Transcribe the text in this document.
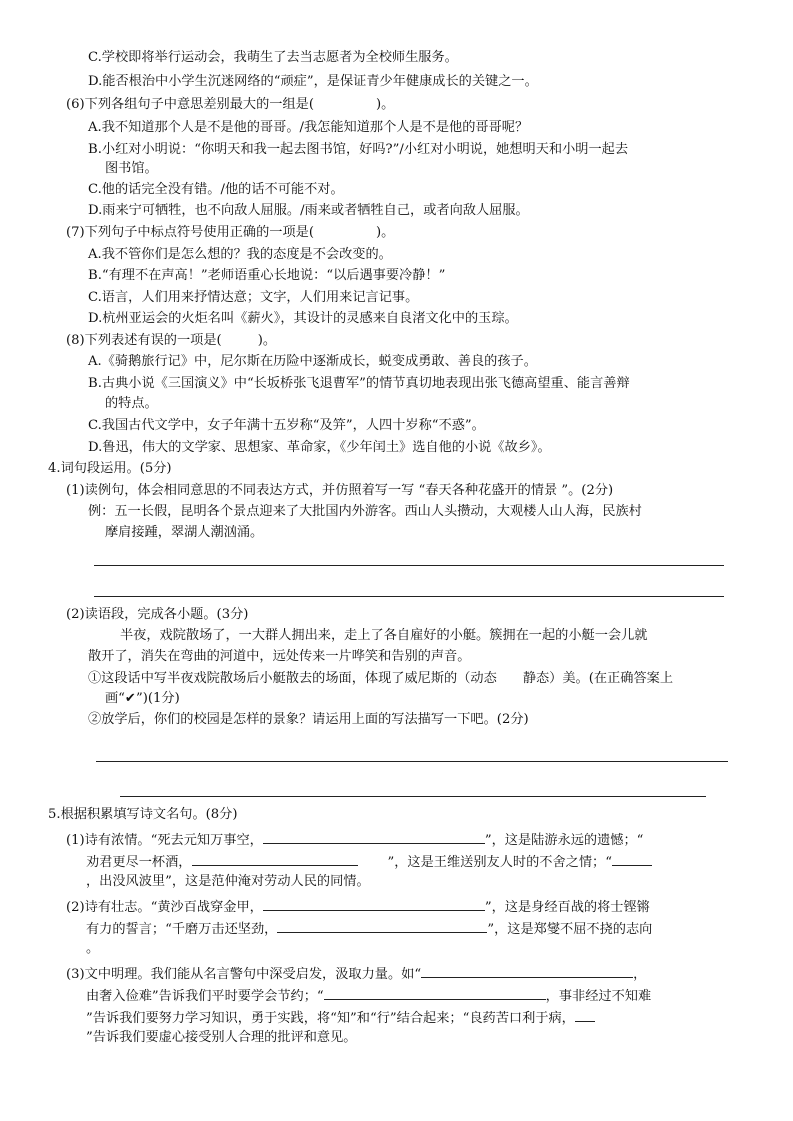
C.学校即将举行运动会，我萌生了去当志愿者为全校师生服务。
D.能否根治中小学生沉迷网络的“顽症”，是保证青少年健康成长的关键之一。
(6)下列各组句子中意思差别最大的一组是(	)。
A.我不知道那个人是不是他的哥哥。/我怎能知道那个人是不是他的哥哥呢？
B.小红对小明说：“你明天和我一起去图书馆，好吗?”/小红对小明说，她想明天和小明一起去
图书馆。
C.他的话完全没有错。/他的话不可能不对。
D.雨来宁可牺牲，也不向敌人屈服。/雨来或者牺牲自己，或者向敌人屈服。
(7)下列句子中标点符号使用正确的一项是(	)。
A.我不管你们是怎么想的？我的态度是不会改变的。
B.“有理不在声高！”老师语重心长地说：“以后遇事要冷静！”
C.语言，人们用来抒情达意；文字，人们用来记言记事。
D.杭州亚运会的火炬名叫《薪火》，其设计的灵感来自良渚文化中的玉琮。
(8)下列表述有误的一项是(	)。
A.《骑鹅旅行记》中，尼尔斯在历险中逐渐成长，蜕变成勇敢、善良的孩子。
B.古典小说《三国演义》中“长坂桥张飞退曹军”的情节真切地表现出张飞德高望重、能言善辩
的特点。
C.我国古代文学中，女子年满十五岁称“及笄”，人四十岁称“不惑”。
D.鲁迅，伟大的文学家、思想家、革命家，《少年闰土》选自他的小说《故乡》。
4.词句段运用。(5分)
(1)读例句，体会相同意思的不同表达方式，并仿照着写一写 “春天各种花盛开的情景 ”。(2分)
例：五一长假，昆明各个景点迎来了大批国内外游客。西山人头攒动，大观楼人山人海，民族村
摩肩接踵，翠湖人潮汹涌。
(2)读语段，完成各小题。(3分)
半夜，戏院散场了，一大群人拥出来，走上了各自雇好的小艇。簇拥在一起的小艇一会儿就
散开了，消失在弯曲的河道中，远处传来一片哗笑和告别的声音。
①这段话中写半夜戏院散场后小艇散去的场面，体现了威尼斯的（动态 静态）美。(在正确答案上
画“✔”)(1分)
②放学后，你们的校园是怎样的景象？请运用上面的写法描写一下吧。(2分)
5.根据积累填写诗文名句。(8分)
(1)诗有浓情。“死去元知万事空，	”，这是陆游永远的遗憾；“
劝君更尽一杯酒，	”，这是王维送别友人时的不舍之情；“
，出没风波里”，这是范仲淹对劳动人民的同情。
(2)诗有壮志。“黄沙百战穿金甲，	”，这是身经百战的将士铿锵
有力的誓言；“千磨万击还坚劲，	”，这是郑燮不屈不挠的志向
。
(3)文中明理。我们能从名言警句中深受启发，汲取力量。如“	，
由奢入俭难”告诉我们平时要学会节约；“	，事非经过不知难
”告诉我们要努力学习知识，勇于实践，将“知”和“行”结合起来；“良药苦口利于病，
”告诉我们要虚心接受别人合理的批评和意见。
